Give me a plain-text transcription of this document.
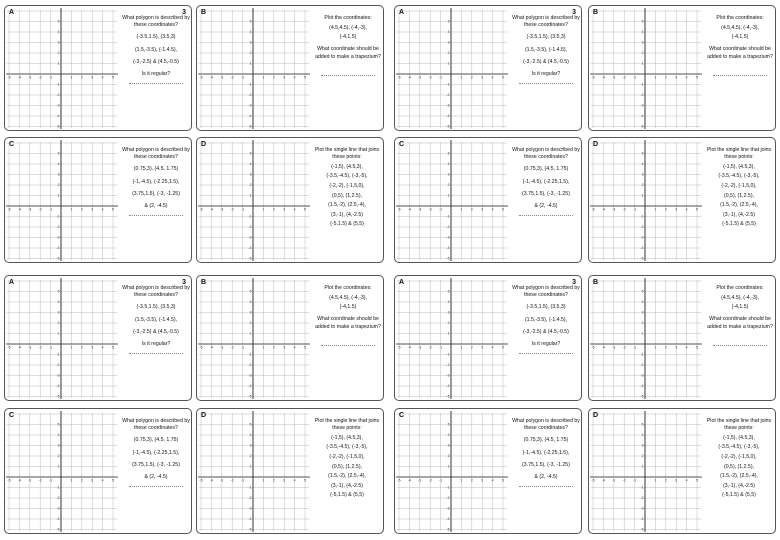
-5 -4 -3 -2 -1	1	2	3	4	5
-5
-4
-3
-2
-1
1
2
3
4
5
A	3

What polygon is described by these coordinates?

(-3.5,1.5), (3.5,3)

(1.5,-3.5), (-1.4.5),

(-3,-2.5) & (4.5,-0.5)

Is it regular?

-5 -4 -3 -2 -1	1	2	3	4	5
-5
-4
-3
-2
-1
1
2
3
4
5
B

Plot the coordinates:

(4.5,4.5), (-4,-3),

(-4,1.5)

What coordinate should be added to make a trapezium?

-5 -4 -3 -2 -1	1	2	3	4	5
-5
-4
-3
-2
-1
1
2
3
4
5
A	3

What polygon is described by these coordinates?

(-3.5,1.5), (3.5,3)

(1.5,-3.5), (-1.4.5),

(-3,-2.5) & (4.5,-0.5)

Is it regular?

-5 -4 -3 -2 -1	1	2	3	4	5
-5
-4
-3
-2
-1
1
2
3
4
5
B

Plot the coordinates:

(4.5,4.5), (-4,-3),

(-4,1.5)

What coordinate should be added to make a trapezium?

-5 -4 -3 -2 -1	1	2	3	4	5
-5
-4
-3
-2
-1
1
2
3
4
5
C

What polygon is described by these coordinates?

(0.75,3), (4.5, 1.75)

(-1,-4.5), (-2.25,1.5),

(3.75,1.5), (-3, -1.25)

& (2, -4.5)

-5 -4 -3 -2 -1	1	2	3	4	5
-5
-4
-3
-2
-1
1
2
3
4
5
D

Plot the single line that joins these points:

(-1,5), (4.5,3),

(-3.5,-4.5), (-3,-5),

(-2,-2), (-1,5,0),

(0,5), (1,2.5),

(1.5,-2), (2.5,-4),

(3,-1), (4,-2.5)

(-5,1.5) & (5,5)

-5 -4 -3 -2 -1	1	2	3	4	5
-5
-4
-3
-2
-1
1
2
3
4
5
C

What polygon is described by these coordinates?

(0.75,3), (4.5, 1.75)

(-1,-4.5), (-2.25,1.5),

(3.75,1.5), (-3, -1.25)

& (2, -4.5)

-5 -4 -3 -2 -1	1	2	3	4	5
-5
-4
-3
-2
-1
1
2
3
4
5
D

Plot the single line that joins these points:

(-1,5), (4.5,3),

(-3.5,-4.5), (-3,-5),

(-2,-2), (-1,5,0),

(0,5), (1,2.5),

(1.5,-2), (2.5,-4),

(3,-1), (4,-2.5)

(-5,1.5) & (5,5)

-5 -4 -3 -2 -1	1	2	3	4	5
-5
-4
-3
-2
-1
1
2
3
4
5
A	3

What polygon is described by these coordinates?

(-3.5,1.5), (3.5,3)

(1.5,-3.5), (-1.4.5),

(-3,-2.5) & (4.5,-0.5)

Is it regular?

-5 -4 -3 -2 -1	1	2	3	4	5
-5
-4
-3
-2
-1
1
2
3
4
5
B

Plot the coordinates:

(4.5,4.5), (-4,-3),

(-4,1.5)

What coordinate should be added to make a trapezium?

-5 -4 -3 -2 -1	1	2	3	4	5
-5
-4
-3
-2
-1
1
2
3
4
5
A	3

What polygon is described by these coordinates?

(-3.5,1.5), (3.5,3)

(1.5,-3.5), (-1.4.5),

(-3,-2.5) & (4.5,-0.5)

Is it regular?

-5 -4 -3 -2 -1	1	2	3	4	5
-5
-4
-3
-2
-1
1
2
3
4
5
B

Plot the coordinates:

(4.5,4.5), (-4,-3),

(-4,1.5)

What coordinate should be added to make a trapezium?

-5 -4 -3 -2 -1	1	2	3	4	5
-5
-4
-3
-2
-1
1
2
3
4
5
C

What polygon is described by these coordinates?

(0.75,3), (4.5, 1.75)

(-1,-4.5), (-2.25,1.5),

(3.75,1.5), (-3, -1.25)

& (2, -4.5)

-5 -4 -3 -2 -1	1	2	3	4	5
-5
-4
-3
-2
-1
1
2
3
4
5
D

Plot the single line that joins these points:

(-1,5), (4.5,3),

(-3.5,-4.5), (-3,-5),

(-2,-2), (-1,5,0),

(0,5), (1,2.5),

(1.5,-2), (2.5,-4),

(3,-1), (4,-2.5)

(-5,1.5) & (5,5)

-5 -4 -3 -2 -1	1	2	3	4	5
-5
-4
-3
-2
-1
1
2
3
4
5
C

What polygon is described by these coordinates?

(0.75,3), (4.5, 1.75)

(-1,-4.5), (-2.25,1.5),

(3.75,1.5), (-3, -1.25)

& (2, -4.5)

-5 -4 -3 -2 -1	1	2	3	4	5
-5
-4
-3
-2
-1
1
2
3
4
5
D

Plot the single line that joins these points:

(-1,5), (4.5,3),

(-3.5,-4.5), (-3,-5),

(-2,-2), (-1,5,0),

(0,5), (1,2.5),

(1.5,-2), (2.5,-4),

(3,-1), (4,-2.5)

(-5,1.5) & (5,5)
